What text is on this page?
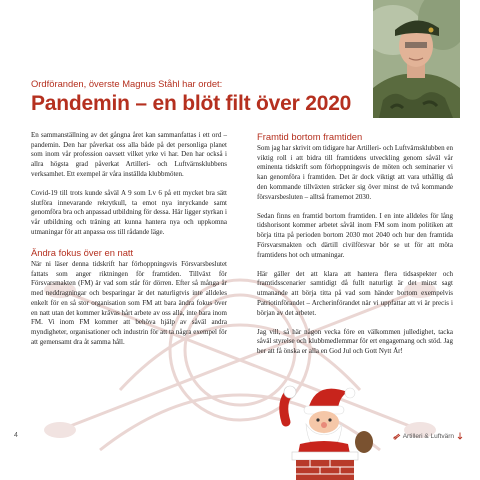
Ordföranden, överste Magnus Ståhl har ordet:
Pandemin – en blöt filt över 2020

En sammanställning av det gångna året kan sammanfattas i ett ord – pandemin. Den har påverkat oss alla både på det personliga planet som inom vår profession oavsett vilket yrke vi har. Den har också i allra högsta grad påverkat Artilleri- och Luftvärnsklubbens verksamhet. Ett exempel är våra inställda klubbmöten.

Covid-19 till trots kunde såväl A 9 som Lv 6 på ett mycket bra sätt slutföra innevarande rekrytkull, ta emot nya inryckande samt genomföra bra och anpassad utbildning för dessa. Här ligger styrkan i vår utbildning och träning att kunna hantera nya och uppkomna utmaningar för att anpassa oss till rådande läge.

Ändra fokus över en natt

När ni läser denna tidskrift har förhoppningsvis Försvarsbeslutet fattats som anger riktningen för framtiden. Tillväxt för Försvarsmakten (FM) är vad som står för dörren. Efter så många år med neddragningar och besparingar är det naturligtvis inte alldeles enkelt för en så stor organisation som FM att bara ändra fokus över en natt utan det kommer krävas hårt arbete av oss alla, inte bara inom FM. Vi inom FM kommer att behöva hjälp av såväl andra myndigheter, organisationer och industrin för att ta några exempel för att gemensamt dra åt samma håll.

Framtid bortom framtiden

Som jag har skrivit om tidigare har Artilleri- och Luftvärnsklubben en viktig roll i att bidra till framtidens utveckling genom såväl vår eminenta tidskrift som förhoppningsvis de möten och seminarier vi kan genomföra i framtiden. Det är dock viktigt att vara uthållig då den kommande tillväxten sträcker sig över minst de två kommande försvarsbesluten – alltså framemot 2030.

Sedan finns en framtid bortom framtiden. I en inte alldeles för lång tidshorisont kommer arbetet såväl inom FM som inom politiken att börja titta på perioden bortom 2030 mot 2040 och hur den framtida Försvarsmakten och därtill civilförsvar bör se ut för att möta framtidens hot och utmaningar.

Här gäller det att klara att hantera flera tidsaspekter och framtidsscenarier samtidigt då fullt naturligt är det minst sagt utmanande att börja titta på vad som händer bortom exempelvis Patriotinförandet – Archerinförandet när vi uppfattar att vi är precis i början av det arbetet.

Jag vill, så här någon vecka före en välkommen julledighet, tacka såväl styrelse och klubbmedlemmar för ert engagemang och stöd. Jag ber att få önska er alla en God Jul och Gott Nytt År!

4	Artilleri & Luftvärn
